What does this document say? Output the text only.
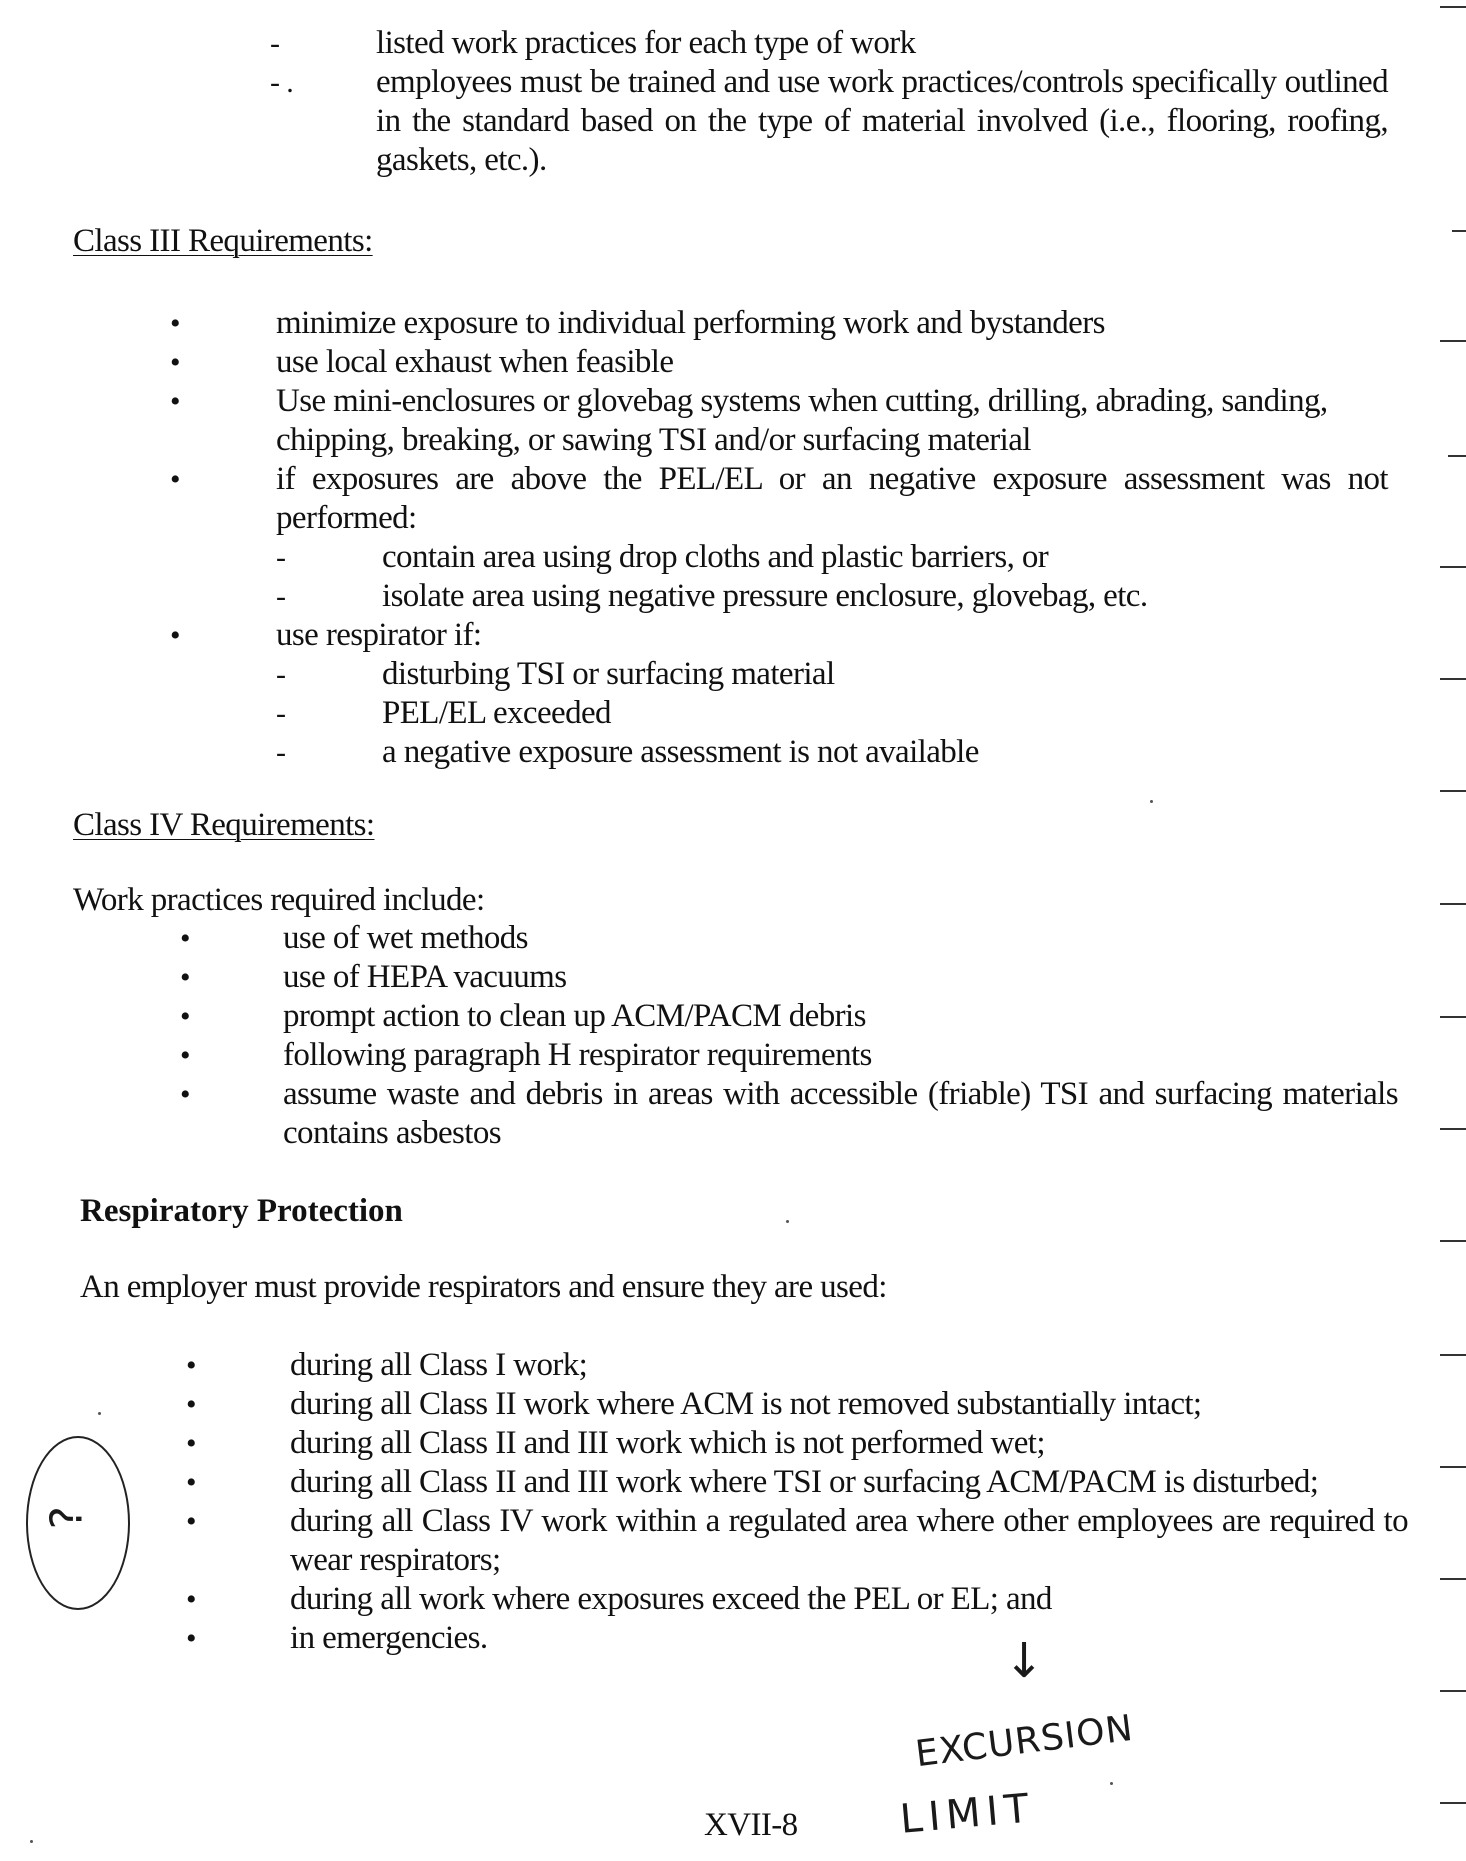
-	listed work practices for each type of work
- .	employees must be trained and use work practices/controls specifically outlined in the standard based on the type of material involved (i.e., flooring, roofing, gaskets, etc.).
Class III Requirements:
•	minimize exposure to individual performing work and bystanders
•	use local exhaust when feasible
•	Use mini-enclosures or glovebag systems when cutting, drilling, abrading, sanding, chipping, breaking, or sawing TSI and/or surfacing material
•	if exposures are above the PEL/EL or an negative exposure assessment was not performed:
-	contain area using drop cloths and plastic barriers, or
-	isolate area using negative pressure enclosure, glovebag, etc.
•	use respirator if:
-	disturbing TSI or surfacing material
-	PEL/EL exceeded
-	a negative exposure assessment is not available
Class IV Requirements:
Work practices required include:
•	use of wet methods
•	use of HEPA vacuums
•	prompt action to clean up ACM/PACM debris
•	following paragraph H respirator requirements
•	assume waste and debris in areas with accessible (friable) TSI and surfacing materials contains asbestos
Respiratory Protection
An employer must provide respirators and ensure they are used:
•	during all Class I work;
•	during all Class II work where ACM is not removed substantially intact;
•	during all Class II and III work which is not performed wet;
•	during all Class II and III work where TSI or surfacing ACM/PACM is disturbed;
•	during all Class IV work within a regulated area where other employees are required to wear respirators;
•	during all work where exposures exceed the PEL or EL; and
•	in emergencies.
XVII-8
↓
EXCURSION
LIMIT
?
